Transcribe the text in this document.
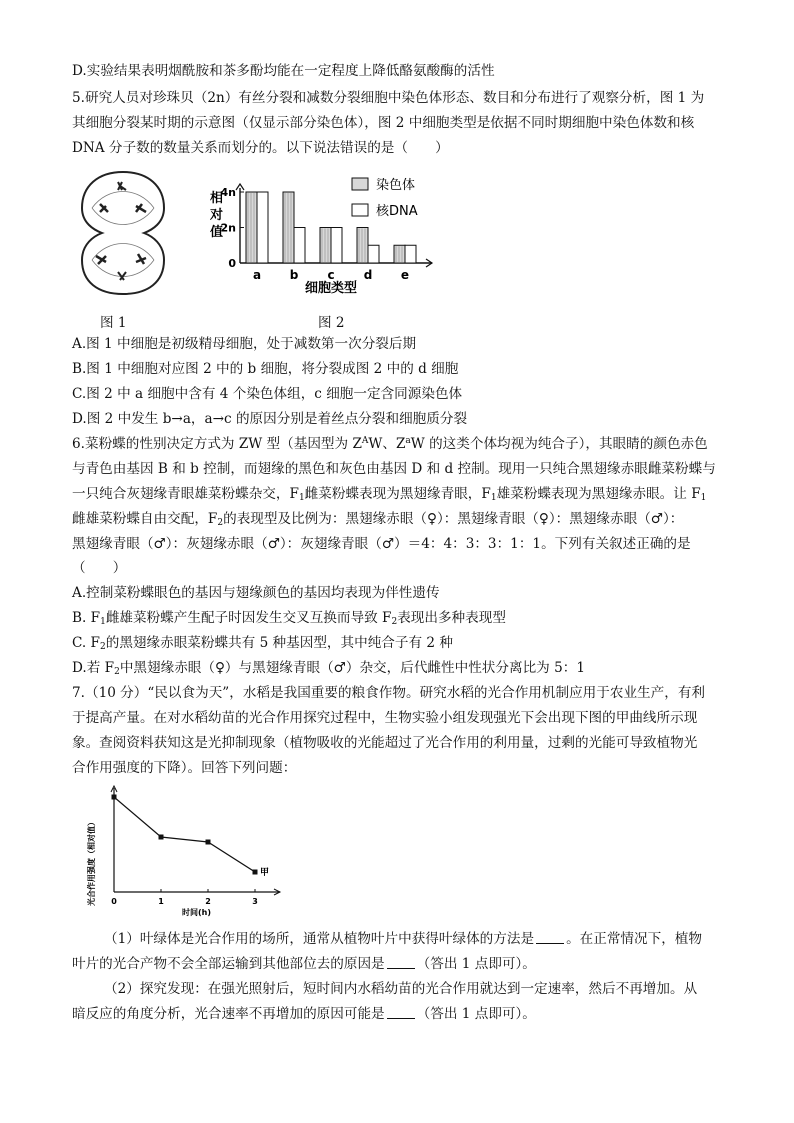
D.实验结果表明烟酰胺和茶多酚均能在一定程度上降低酪氨酸酶的活性
5.研究人员对珍珠贝（2n）有丝分裂和减数分裂细胞中染色体形态、数目和分布进行了观察分析，图 1 为
其细胞分裂某时期的示意图（仅显示部分染色体），图 2 中细胞类型是依据不同时期细胞中染色体数和核
DNA 分子数的数量关系而划分的。以下说法错误的是（　　）
图 1
相对值
0
2n
4n
a b c d e
染色体
核DNA
细胞类型
图 2
A.图 1 中细胞是初级精母细胞，处于减数第一次分裂后期
B.图 1 中细胞对应图 2 中的 b 细胞，将分裂成图 2 中的 d 细胞
C.图 2 中 a 细胞中含有 4 个染色体组，c 细胞一定含同源染色体
D.图 2 中发生 b→a，a→c 的原因分别是着丝点分裂和细胞质分裂
6.菜粉蝶的性别决定方式为 ZW 型（基因型为 $Z^AW$、$Z^aW$ 的这类个体均视为纯合子），其眼睛的颜色赤色
与青色由基因 B 和 b 控制，而翅缘的黑色和灰色由基因 D 和 d 控制。现用一只纯合黑翅缘赤眼雌菜粉蝶与
一只纯合灰翅缘青眼雄菜粉蝶杂交，$F_1$雌菜粉蝶表现为黑翅缘青眼，$F_1$雄菜粉蝶表现为黑翅缘赤眼。让 $F_1$
雌雄菜粉蝶自由交配，$F_2$的表现型及比例为：黑翅缘赤眼（♀）：黑翅缘青眼（♀）：黑翅缘赤眼（♂）：
黑翅缘青眼（♂）：灰翅缘赤眼（♂）：灰翅缘青眼（♂）＝4：4：3：3：1：1。下列有关叙述正确的是
（　　）
A.控制菜粉蝶眼色的基因与翅缘颜色的基因均表现为伴性遗传
B. $F_1$雌雄菜粉蝶产生配子时因发生交叉互换而导致 $F_2$表现出多种表现型
C. $F_2$的黑翅缘赤眼菜粉蝶共有 5 种基因型，其中纯合子有 2 种
D.若 $F_2$中黑翅缘赤眼（♀）与黑翅缘青眼（♂）杂交，后代雌性中性状分离比为 5：1
7.（10 分）“民以食为天”，水稻是我国重要的粮食作物。研究水稻的光合作用机制应用于农业生产，有利
于提高产量。在对水稻幼苗的光合作用探究过程中，生物实验小组发现强光下会出现下图的甲曲线所示现
象。查阅资料获知这是光抑制现象（植物吸收的光能超过了光合作用的利用量，过剩的光能可导致植物光
合作用强度的下降）。回答下列问题：
光合作用强度（相对值） 0	1	2	3
甲
时间(h)
（1）叶绿体是光合作用的场所，通常从植物叶片中获得叶绿体的方法是 。在正常情况下，植物
叶片的光合产物不会全部运输到其他部位去的原因是 （答出 1 点即可）。
（2）探究发现：在强光照射后，短时间内水稻幼苗的光合作用就达到一定速率，然后不再增加。从
暗反应的角度分析，光合速率不再增加的原因可能是 （答出 1 点即可）。
